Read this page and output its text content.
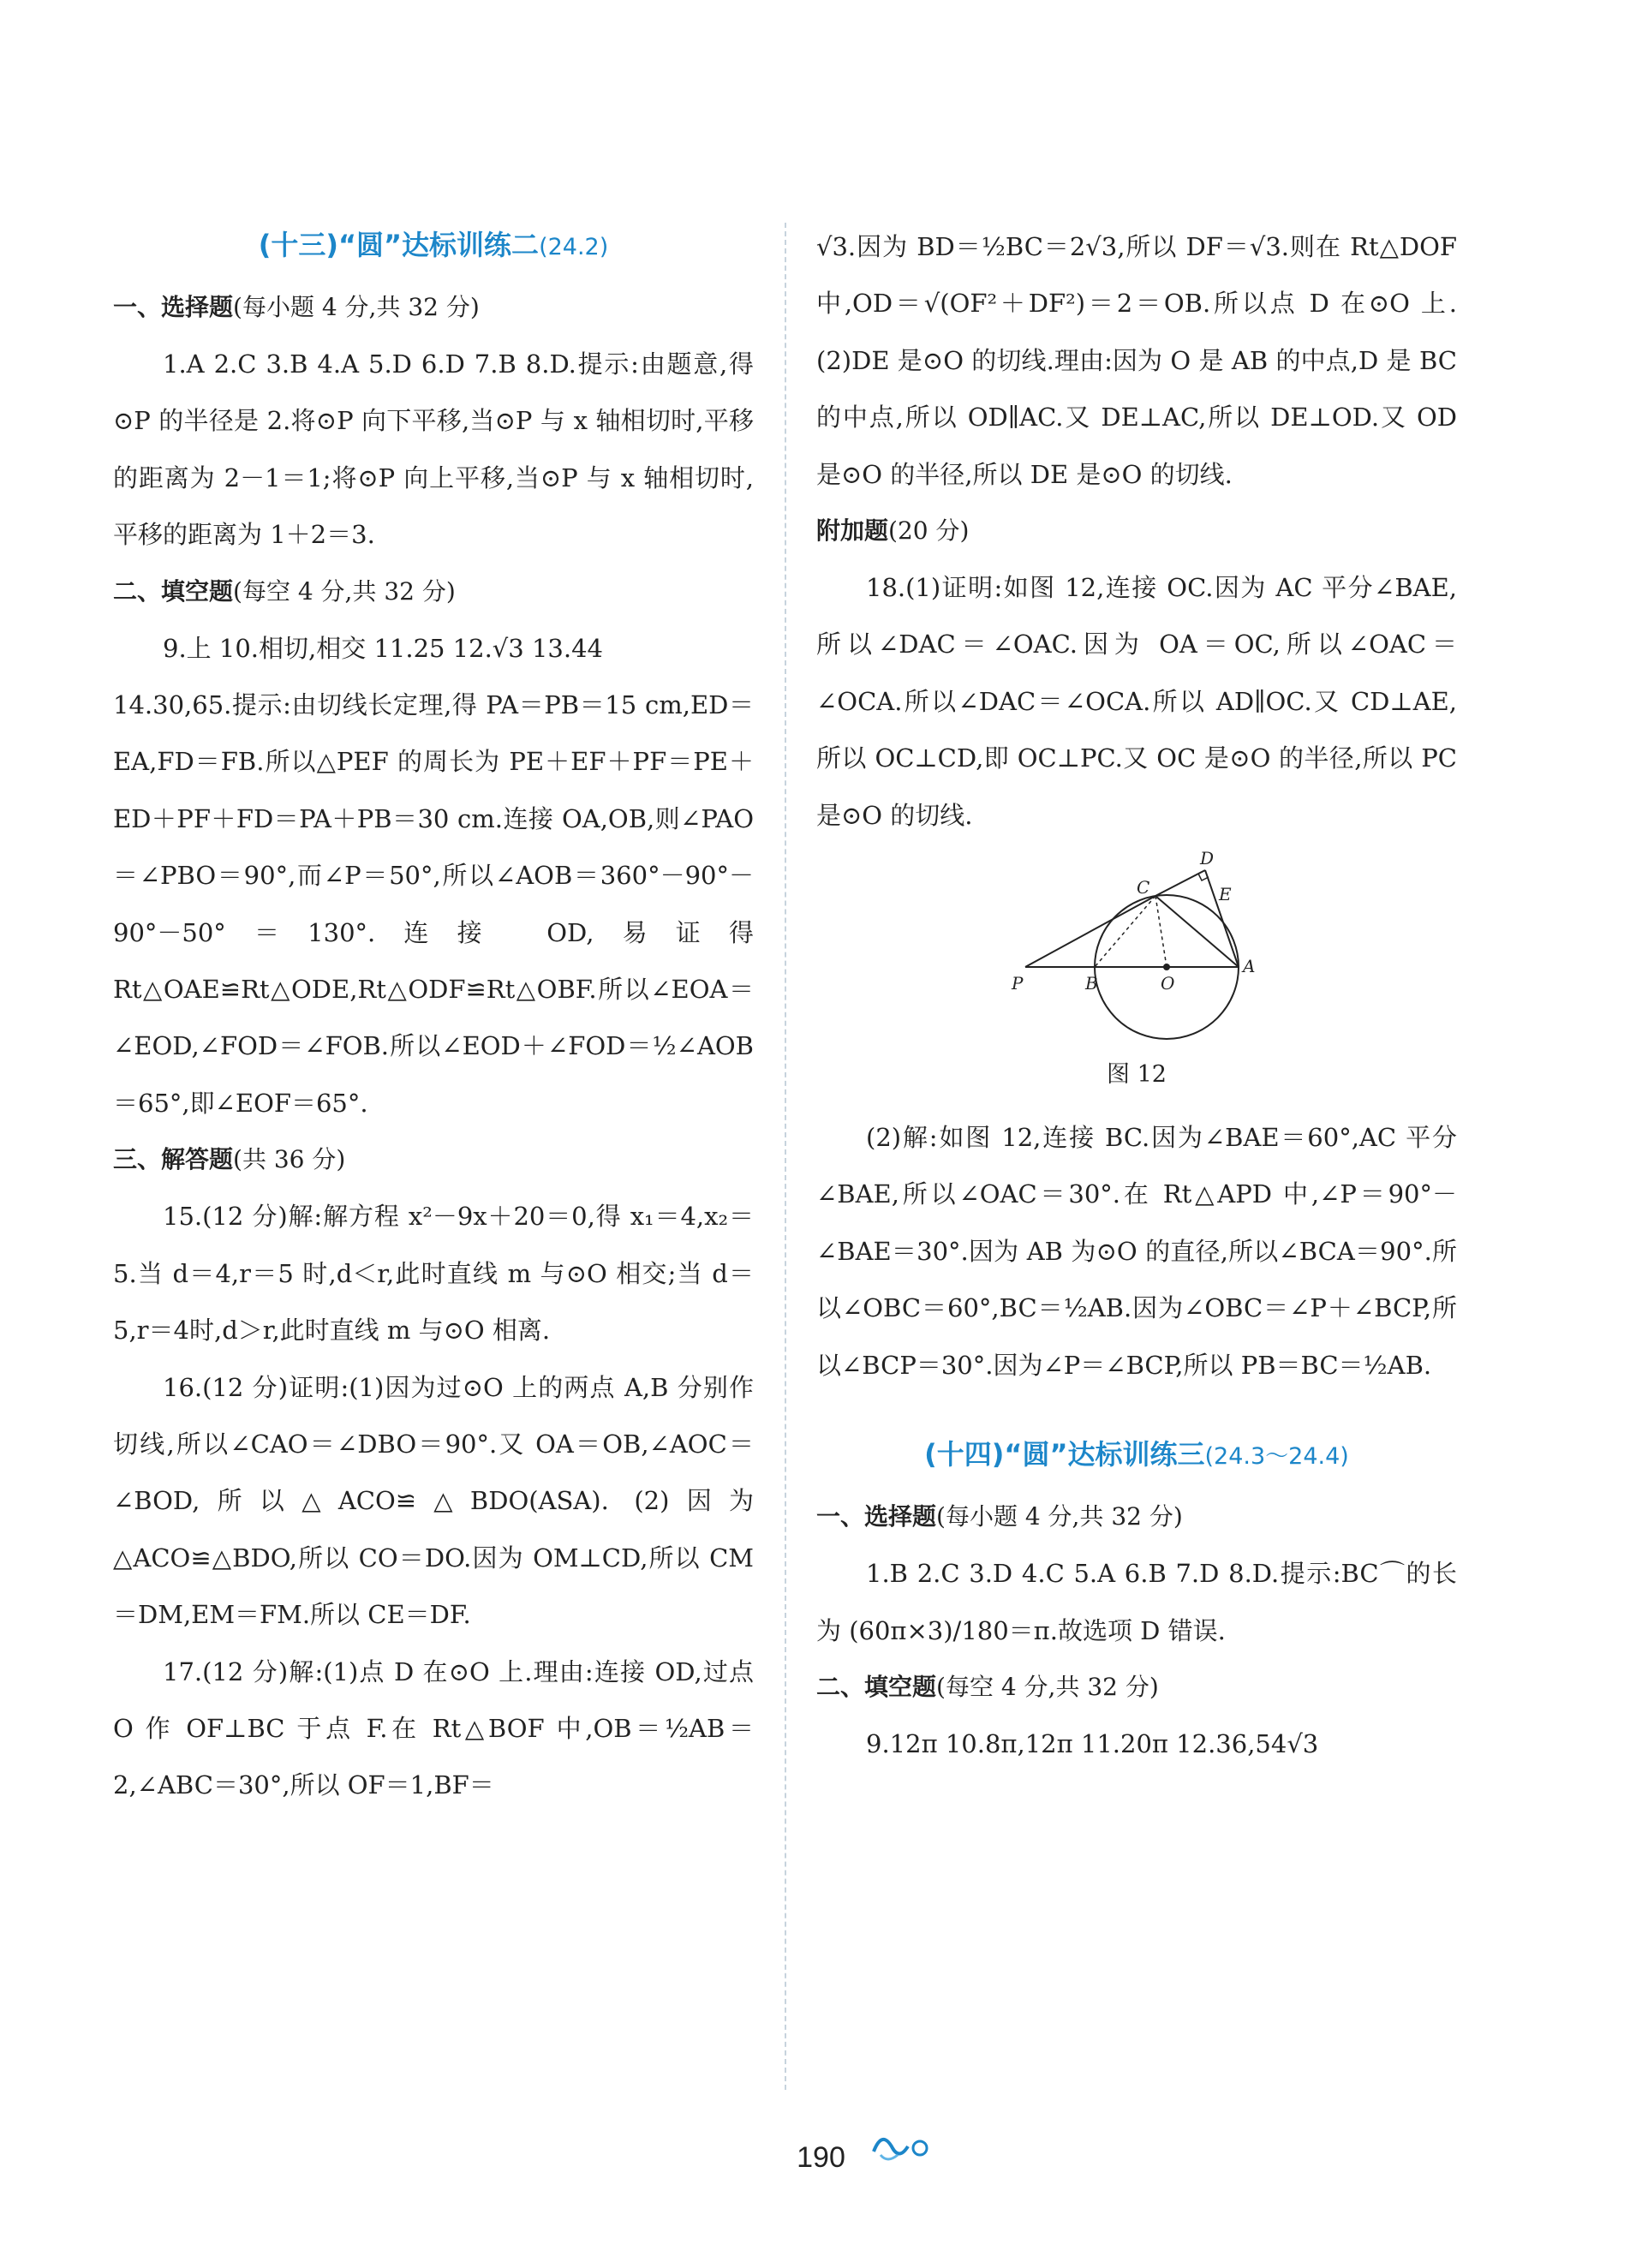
(十三)“圆”达标训练二(24.2)
一、选择题(每小题 4 分,共 32 分)

1.A 2.C 3.B 4.A 5.D 6.D 7.B 8.D.提示:由题意,得⊙P 的半径是 2.将⊙P 向下平移,当⊙P 与 x 轴相切时,平移的距离为 2－1＝1;将⊙P 向上平移,当⊙P 与 x 轴相切时,平移的距离为 1＋2＝3.

二、填空题(每空 4 分,共 32 分)

9.上 10.相切,相交 11.25 12.√3 13.44

14.30,65.提示:由切线长定理,得 PA＝PB＝15 cm,ED＝EA,FD＝FB.所以△PEF 的周长为 PE＋EF＋PF＝PE＋ED＋PF＋FD＝PA＋PB＝30 cm.连接 OA,OB,则∠PAO＝∠PBO＝90°,而∠P＝50°,所以∠AOB＝360°－90°－90°－50°＝130°.连接 OD,易证得 Rt△OAE≌Rt△ODE,Rt△ODF≌Rt△OBF.所以∠EOA＝∠EOD,∠FOD＝∠FOB.所以∠EOD＋∠FOD＝½∠AOB＝65°,即∠EOF＝65°.

三、解答题(共 36 分)

15.(12 分)解:解方程 x²－9x＋20＝0,得 x₁＝4,x₂＝5.当 d＝4,r＝5 时,d＜r,此时直线 m 与⊙O 相交;当 d＝5,r＝4时,d＞r,此时直线 m 与⊙O 相离.

16.(12 分)证明:(1)因为过⊙O 上的两点 A,B 分别作切线,所以∠CAO＝∠DBO＝90°.又 OA＝OB,∠AOC＝∠BOD,所以△ACO≌△BDO(ASA). (2)因为△ACO≌△BDO,所以 CO＝DO.因为 OM⊥CD,所以 CM＝DM,EM＝FM.所以 CE＝DF.

17.(12 分)解:(1)点 D 在⊙O 上.理由:连接 OD,过点 O 作 OF⊥BC 于点 F.在 Rt△BOF 中,OB＝½AB＝2,∠ABC＝30°,所以 OF＝1,BF＝

√3.因为 BD＝½BC＝2√3,所以 DF＝√3.则在 Rt△DOF 中,OD＝√(OF²＋DF²)＝2＝OB.所以点 D 在⊙O 上. (2)DE 是⊙O 的切线.理由:因为 O 是 AB 的中点,D 是 BC 的中点,所以 OD∥AC.又 DE⊥AC,所以 DE⊥OD.又 OD 是⊙O 的半径,所以 DE 是⊙O 的切线.

附加题(20 分)

18.(1)证明:如图 12,连接 OC.因为 AC 平分∠BAE,所以∠DAC＝∠OAC.因为 OA＝OC,所以∠OAC＝∠OCA.所以∠DAC＝∠OCA.所以 AD∥OC.又 CD⊥AE,所以 OC⊥CD,即 OC⊥PC.又 OC 是⊙O 的半径,所以 PC 是⊙O 的切线.

P	B	O
A
C
D
E
图 12

(2)解:如图 12,连接 BC.因为∠BAE＝60°,AC 平分∠BAE,所以∠OAC＝30°.在 Rt△APD 中,∠P＝90°－∠BAE＝30°.因为 AB 为⊙O 的直径,所以∠BCA＝90°.所以∠OBC＝60°,BC＝½AB.因为∠OBC＝∠P＋∠BCP,所以∠BCP＝30°.因为∠P＝∠BCP,所以 PB＝BC＝½AB.

(十四)“圆”达标训练三(24.3～24.4)
一、选择题(每小题 4 分,共 32 分)

1.B 2.C 3.D 4.C 5.A 6.B 7.D 8.D.提示:BC⌒的长为 (60π×3)/180＝π.故选项 D 错误.

二、填空题(每空 4 分,共 32 分)

9.12π 10.8π,12π 11.20π 12.36,54√3

190
